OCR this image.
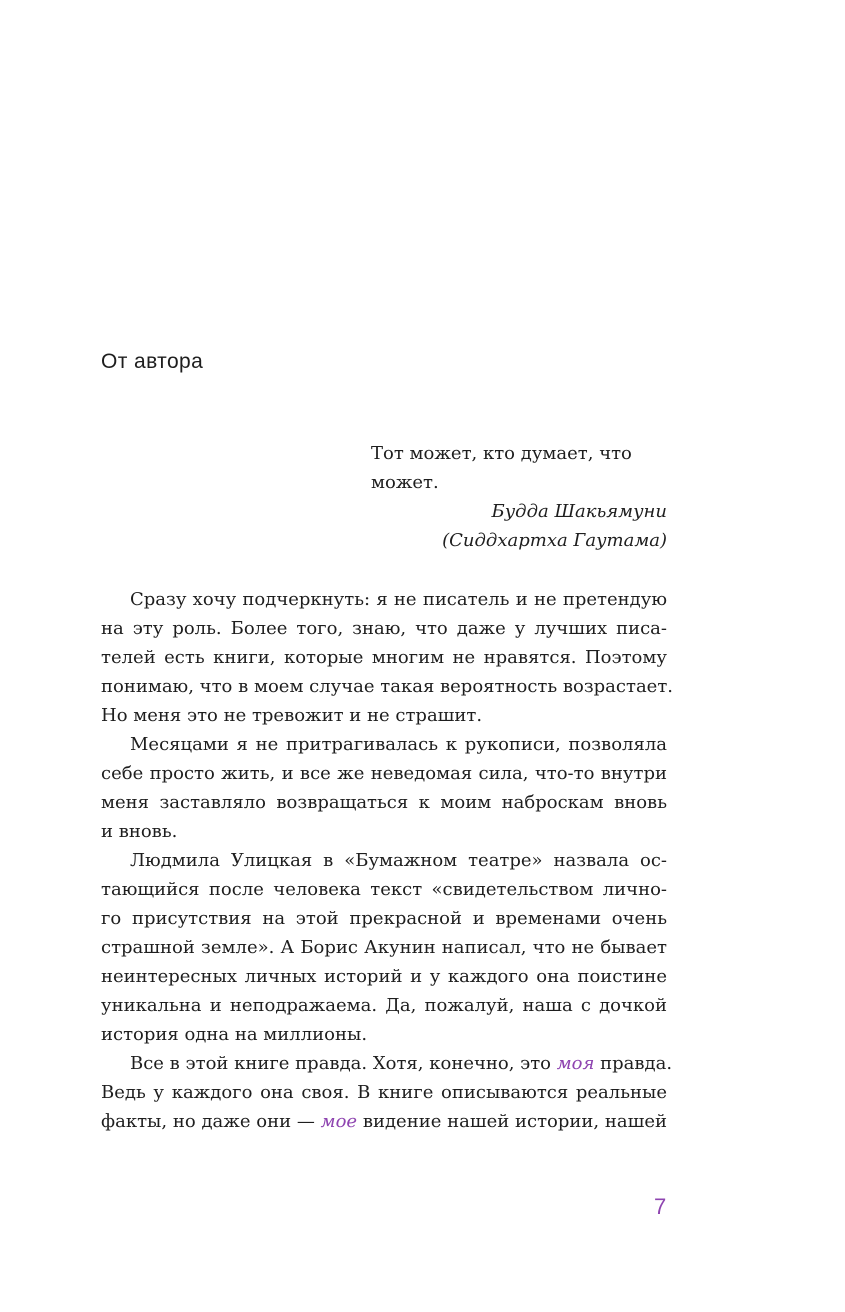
От автора
Тот может, кто думает, что
может.
Будда Шакьямуни
(Сиддхартха Гаутама)
Сразу хочу подчеркнуть: я не писатель и не претендую
на эту роль. Более того, знаю, что даже у лучших писа-
телей есть книги, которые многим не нравятся. Поэтому
понимаю, что в моем случае такая вероятность возрастает.
Но меня это не тревожит и не страшит.
Месяцами я не притрагивалась к рукописи, позволяла
себе просто жить, и все же неведомая сила, что-то внутри
меня заставляло возвращаться к моим наброскам вновь
и вновь.
Людмила Улицкая в «Бумажном театре» назвала ос-
тающийся после человека текст «свидетельством лично-
го присутствия на этой прекрасной и временами очень
страшной земле». А Борис Акунин написал, что не бывает
неинтересных личных историй и у каждого она поистине
уникальна и неподражаема. Да, пожалуй, наша с дочкой
история одна на миллионы.
Все в этой книге правда. Хотя, конечно, это моя правда.
Ведь у каждого она своя. В книге описываются реальные
факты, но даже они — мое видение нашей истории, нашей
7
